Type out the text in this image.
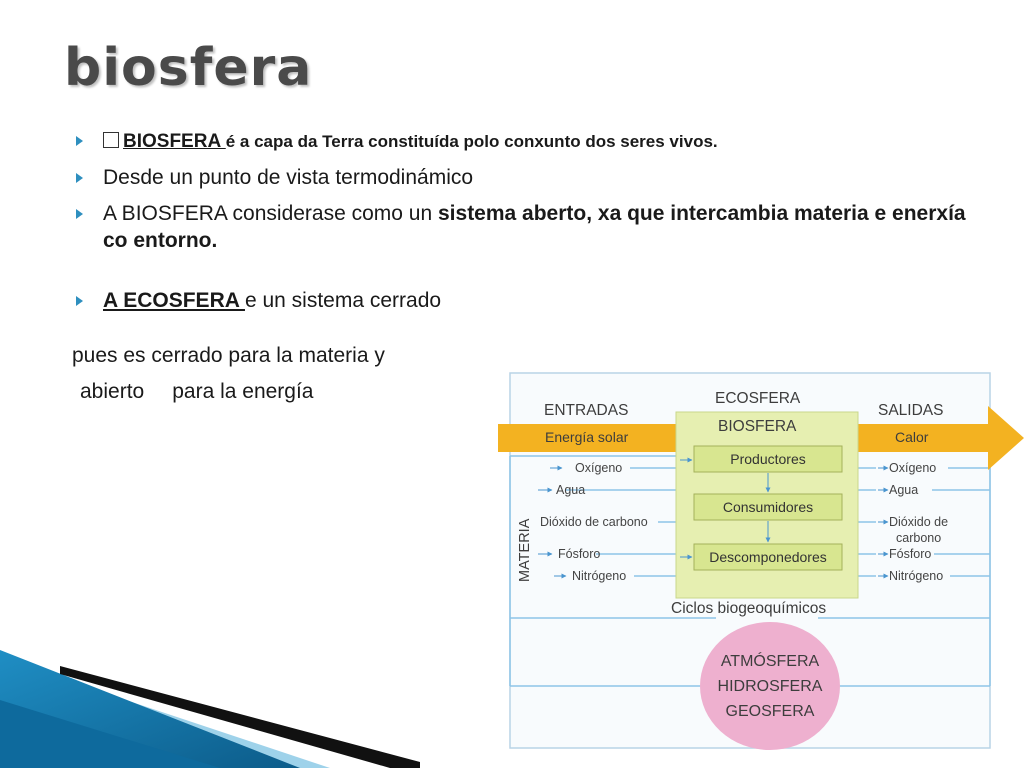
biosfera
BIOSFERA é a capa da Terra constituída polo conxunto dos seres vivos.
Desde un punto de vista termodinámico
A BIOSFERA considerase como un sistema aberto, xa que intercambia materia e enerxía co entorno.
A ECOSFERA e un sistema cerrado
pues es cerrado para la materia y
abierto para la energía
ENTRADAS
ECOSFERA
SALIDAS
Energía solar
BIOSFERA
Calor
Productores
Consumidores
Descomponedores
Oxígeno
Agua
Dióxido de carbono
Fósforo
Nitrógeno
Oxígeno
Agua
Dióxido de
carbono
Fósforo
Nitrógeno
MATERIA
Ciclos biogeoquímicos
ATMÓSFERA
HIDROSFERA
GEOSFERA
